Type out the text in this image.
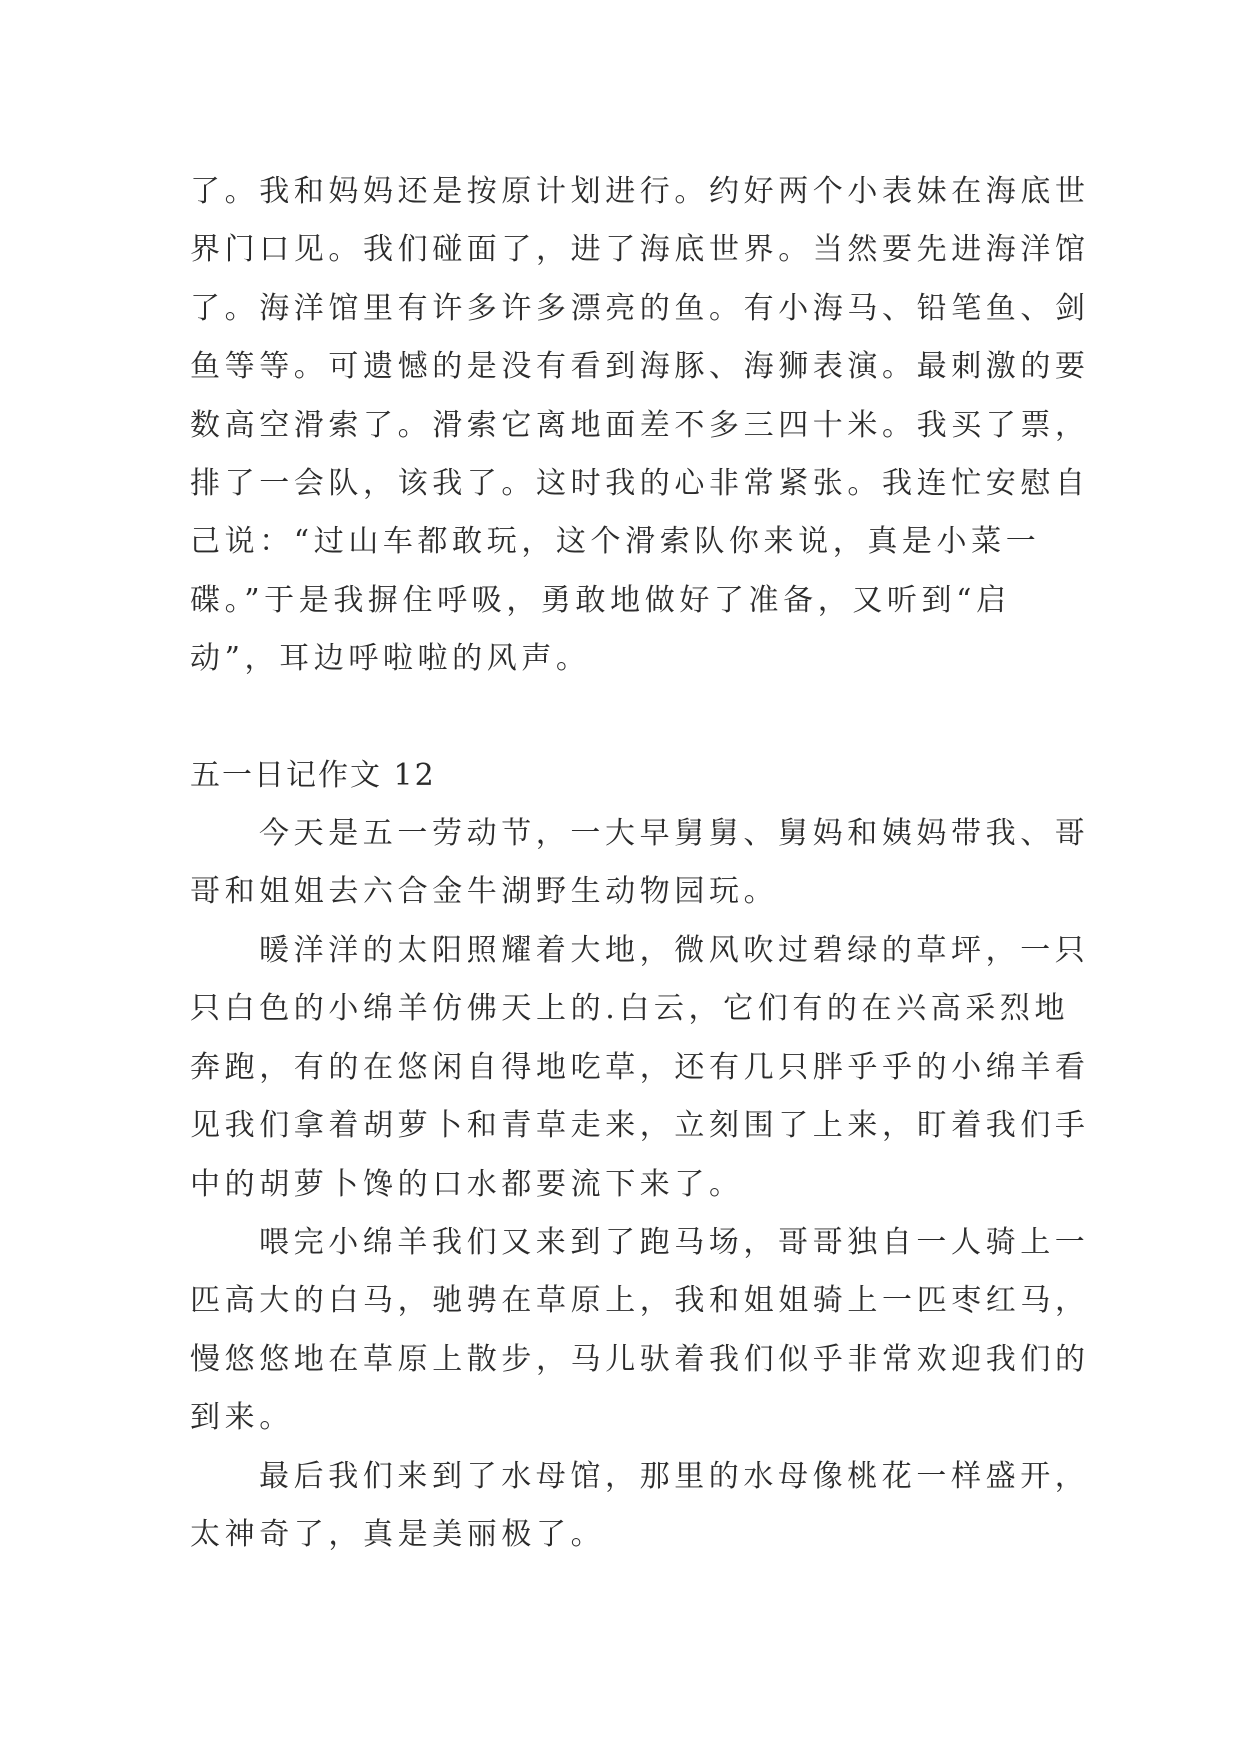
了。我和妈妈还是按原计划进行。约好两个小表妹在海底世
界门口见。我们碰面了，进了海底世界。当然要先进海洋馆
了。海洋馆里有许多许多漂亮的鱼。有小海马、铅笔鱼、剑
鱼等等。可遗憾的是没有看到海豚、海狮表演。最刺激的要
数高空滑索了。滑索它离地面差不多三四十米。我买了票，
排了一会队，该我了。这时我的心非常紧张。我连忙安慰自
己说：“过山车都敢玩，这个滑索队你来说，真是小菜一
碟。”于是我摒住呼吸，勇敢地做好了准备，又听到“启
动”，耳边呼啦啦的风声。
五一日记作文 12
今天是五一劳动节，一大早舅舅、舅妈和姨妈带我、哥
哥和姐姐去六合金牛湖野生动物园玩。
暖洋洋的太阳照耀着大地，微风吹过碧绿的草坪，一只
只白色的小绵羊仿佛天上的.白云，它们有的在兴高采烈地
奔跑，有的在悠闲自得地吃草，还有几只胖乎乎的小绵羊看
见我们拿着胡萝卜和青草走来，立刻围了上来，盯着我们手
中的胡萝卜馋的口水都要流下来了。
喂完小绵羊我们又来到了跑马场，哥哥独自一人骑上一
匹高大的白马，驰骋在草原上，我和姐姐骑上一匹枣红马，
慢悠悠地在草原上散步，马儿驮着我们似乎非常欢迎我们的
到来。
最后我们来到了水母馆，那里的水母像桃花一样盛开，
太神奇了，真是美丽极了。
